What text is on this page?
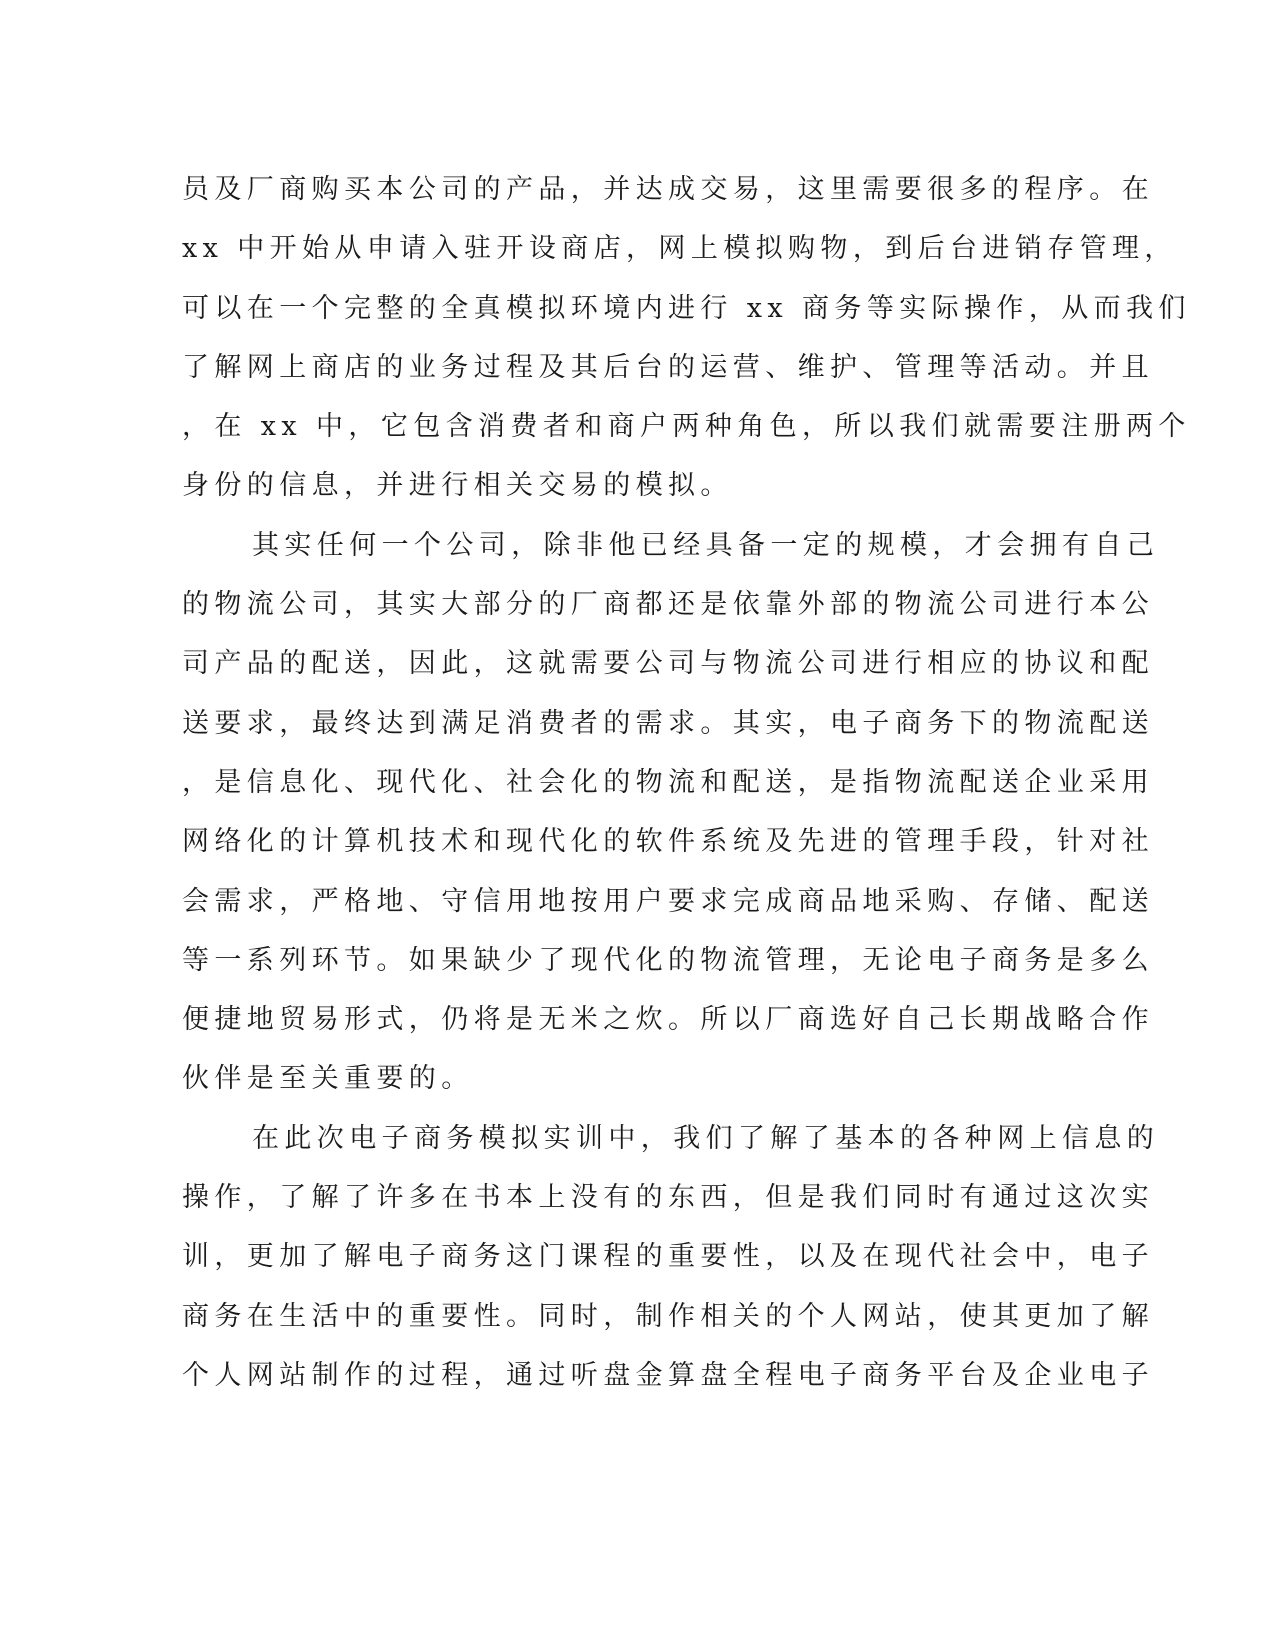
员及厂商购买本公司的产品，并达成交易，这里需要很多的程序。在
xx 中开始从申请入驻开设商店，网上模拟购物，到后台进销存管理，
可以在一个完整的全真模拟环境内进行 xx 商务等实际操作，从而我们
了解网上商店的业务过程及其后台的运营、维护、管理等活动。并且
，在 xx 中，它包含消费者和商户两种角色，所以我们就需要注册两个
身份的信息，并进行相关交易的模拟。
其实任何一个公司，除非他已经具备一定的规模，才会拥有自己
的物流公司，其实大部分的厂商都还是依靠外部的物流公司进行本公
司产品的配送，因此，这就需要公司与物流公司进行相应的协议和配
送要求，最终达到满足消费者的需求。其实，电子商务下的物流配送
，是信息化、现代化、社会化的物流和配送，是指物流配送企业采用
网络化的计算机技术和现代化的软件系统及先进的管理手段，针对社
会需求，严格地、守信用地按用户要求完成商品地采购、存储、配送
等一系列环节。如果缺少了现代化的物流管理，无论电子商务是多么
便捷地贸易形式，仍将是无米之炊。所以厂商选好自己长期战略合作
伙伴是至关重要的。
在此次电子商务模拟实训中，我们了解了基本的各种网上信息的
操作，了解了许多在书本上没有的东西，但是我们同时有通过这次实
训，更加了解电子商务这门课程的重要性，以及在现代社会中，电子
商务在生活中的重要性。同时，制作相关的个人网站，使其更加了解
个人网站制作的过程，通过听盘金算盘全程电子商务平台及企业电子
